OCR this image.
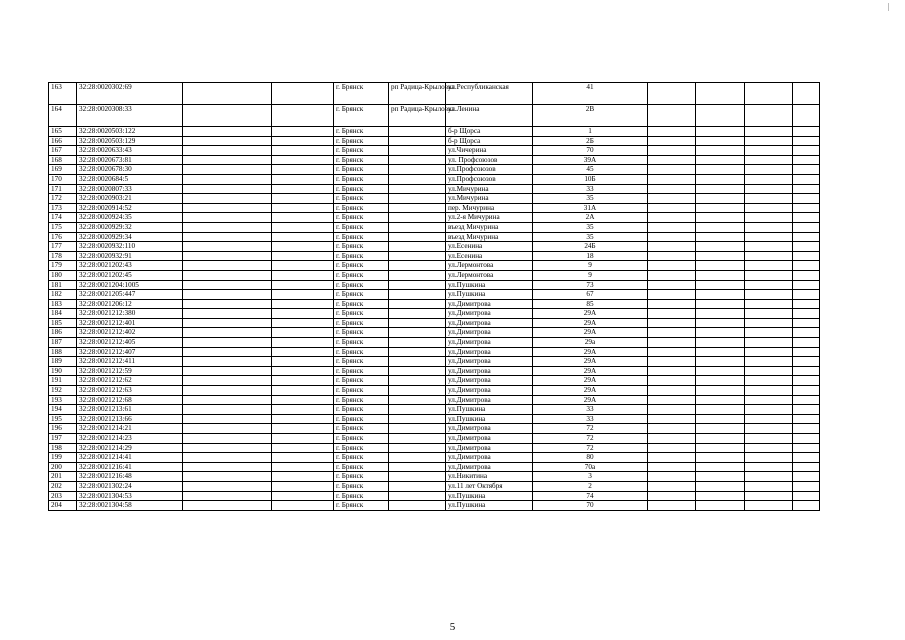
163	32:28:0020302:69			г. Брянск	рп Радица-Крыловка	ул.Республиканская	41				
164	32:28:0020308:33			г. Брянск	рп Радица-Крыловка	ул.Ленина	2В				
165	32:28:0020503:122			г. Брянск		б-р Щорса	1				
166	32:28:0020503:129			г. Брянск		б-р Щорса	2Б				
167	32:28:0020633:43			г. Брянск		ул.Чичерина	70				
168	32:28:0020673:81			г. Брянск		ул. Профсоюзов	39А				
169	32:28:0020678:30			г. Брянск		ул.Профсоюзов	45				
170	32:28:0020684:5			г. Брянск		ул.Профсоюзов	10Б				
171	32:28:0020807:33			г. Брянск		ул.Мичурина	33				
172	32:28:0020903:21			г. Брянск		ул.Мичурина	35				
173	32:28:0020914:52			г. Брянск		пер. Мичурина	31А				
174	32:28:0020924:35			г. Брянск		ул.2-я Мичурина	2А				
175	32:28:0020929:32			г. Брянск		въезд Мичурина	35				
176	32:28:0020929:34			г. Брянск		въезд Мичурина	35				
177	32:28:0020932:110			г. Брянск		ул.Есенина	24Б				
178	32:28:0020932:91			г. Брянск		ул.Есенина	18				
179	32:28:0021202:43			г. Брянск		ул.Лермонтова	9				
180	32:28:0021202:45			г. Брянск		ул.Лермонтова	9				
181	32:28:0021204:1005			г. Брянск		ул.Пушкина	73				
182	32:28:0021205:447			г. Брянск		ул.Пушкина	67				
183	32:28:0021206:12			г. Брянск		ул.Димитрова	85				
184	32:28:0021212:380			г. Брянск		ул.Димитрова	29А				
185	32:28:0021212:401			г. Брянск		ул.Димитрова	29А				
186	32:28:0021212:402			г. Брянск		ул.Димитрова	29А				
187	32:28:0021212:405			г. Брянск		ул.Димитрова	29а				
188	32:28:0021212:407			г. Брянск		ул.Димитрова	29А				
189	32:28:0021212:411			г. Брянск		ул.Димитрова	29А				
190	32:28:0021212:59			г. Брянск		ул.Димитрова	29А				
191	32:28:0021212:62			г. Брянск		ул.Димитрова	29А				
192	32:28:0021212:63			г. Брянск		ул.Димитрова	29А				
193	32:28:0021212:68			г. Брянск		ул.Димитрова	29А				
194	32:28:0021213:61			г. Брянск		ул.Пушкина	33				
195	32:28:0021213:66			г. Брянск		ул.Пушкина	33				
196	32:28:0021214:21			г. Брянск		ул.Димитрова	72				
197	32:28:0021214:23			г. Брянск		ул.Димитрова	72				
198	32:28:0021214:29			г. Брянск		ул.Димитрова	72				
199	32:28:0021214:41			г. Брянск		ул.Димитрова	80				
200	32:28:0021216:41			г. Брянск		ул.Димитрова	70а				
201	32:28:0021216:48			г. Брянск		ул.Никитина	3				
202	32:28:0021302:24			г. Брянск		ул.11 лет Октября	2				
203	32:28:0021304:53			г. Брянск		ул.Пушкина	74				
204	32:28:0021304:58			г. Брянск		ул.Пушкина	70				
5
